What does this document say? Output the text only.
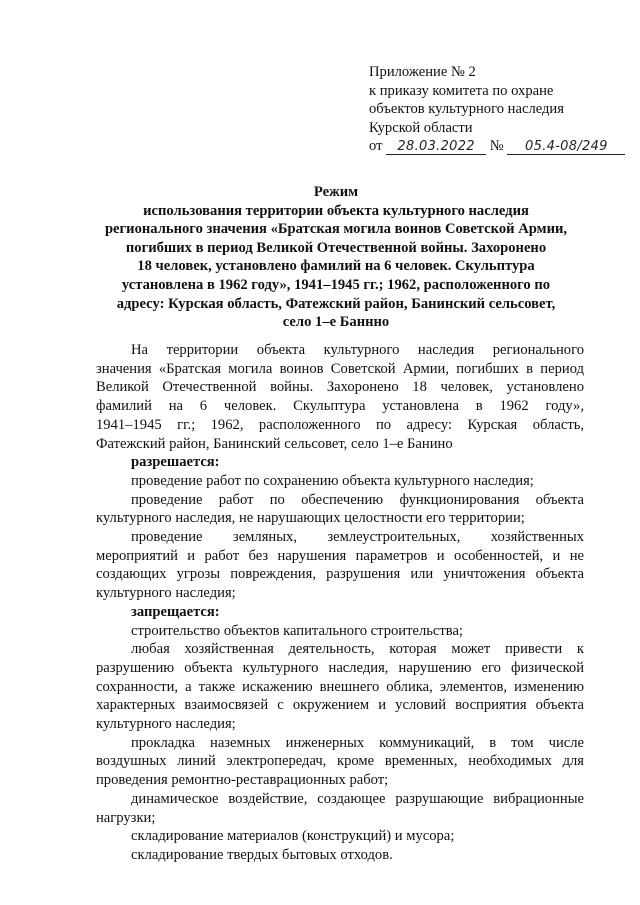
Приложение № 2
к приказу комитета по охране
объектов культурного наследия
Курской области
от 28.03.2022 № 05.4-08/249
Режим
использования территории объекта культурного наследия
регионального значения «Братская могила воинов Советской Армии,
погибших в период Великой Отечественной войны. Захоронено
18 человек, установлено фамилий на 6 человек. Скульптура
установлена в 1962 году», 1941–1945 гг.; 1962, расположенного по
адресу: Курская область, Фатежский район, Банинский сельсовет,
село 1–е Баннно
На территории объекта культурного наследия регионального
значения «Братская могила воинов Советской Армии, погибших в период
Великой Отечественной войны. Захоронено 18 человек, установлено
фамилий на 6 человек. Скульптура установлена в 1962 году»,
1941–1945 гг.; 1962, расположенного по адресу: Курская область,
Фатежский район, Банинский сельсовет, село 1–е Банино
разрешается:
проведение работ по сохранению объекта культурного наследия;
проведение работ по обеспечению функционирования объекта
культурного наследия, не нарушающих целостности его территории;
проведение земляных, землеустроительных, хозяйственных
мероприятий и работ без нарушения параметров и особенностей, и не
создающих угрозы повреждения, разрушения или уничтожения объекта
культурного наследия;
запрещается:
строительство объектов капитального строительства;
любая хозяйственная деятельность, которая может привести к
разрушению объекта культурного наследия, нарушению его физической
сохранности, а также искажению внешнего облика, элементов, изменению
характерных взаимосвязей с окружением и условий восприятия объекта
культурного наследия;
прокладка наземных инженерных коммуникаций, в том числе
воздушных линий электропередач, кроме временных, необходимых для
проведения ремонтно-реставрационных работ;
динамическое воздействие, создающее разрушающие вибрационные
нагрузки;
складирование материалов (конструкций) и мусора;
складирование твердых бытовых отходов.
